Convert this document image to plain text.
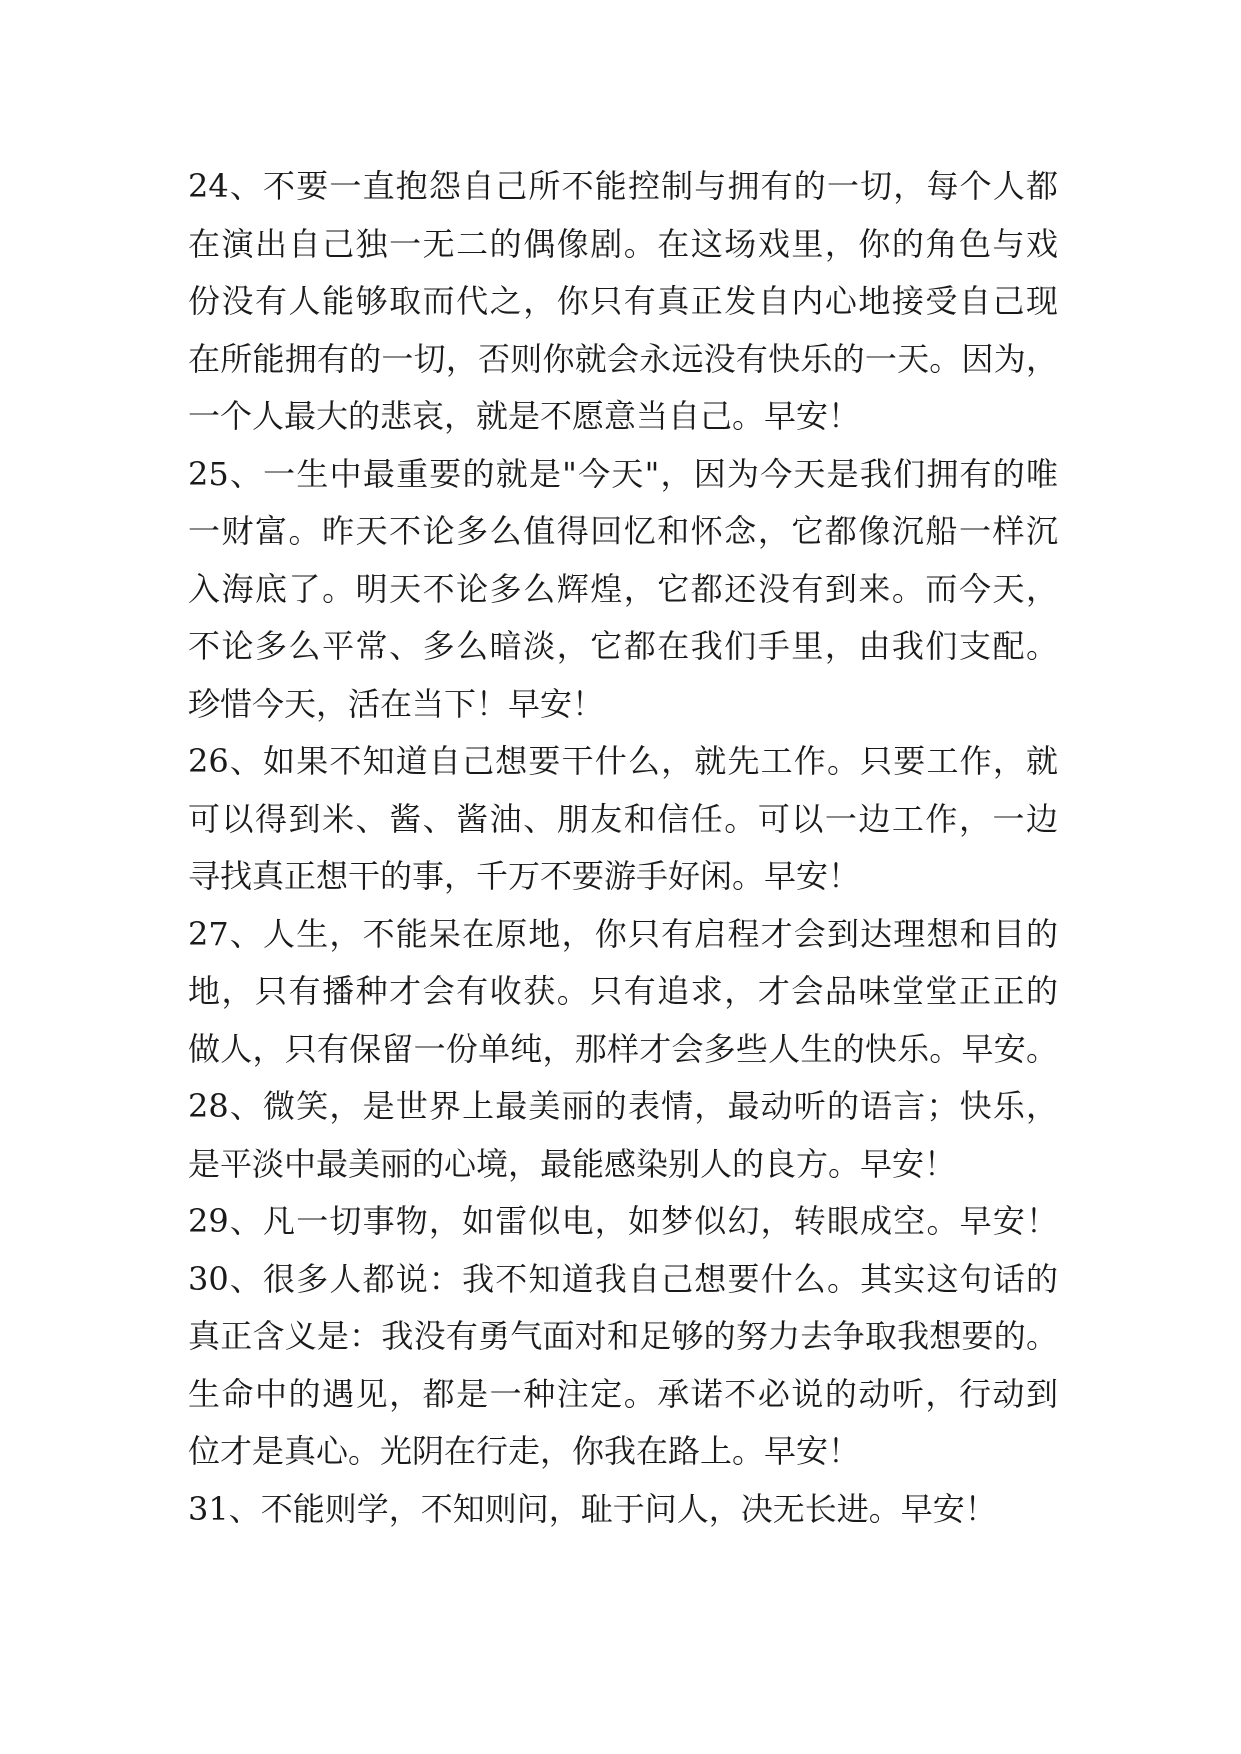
24、不要一直抱怨自己所不能控制与拥有的一切，每个人都
在演出自己独一无二的偶像剧。在这场戏里，你的角色与戏
份没有人能够取而代之，你只有真正发自内心地接受自己现
在所能拥有的一切，否则你就会永远没有快乐的一天。因为，
一个人最大的悲哀，就是不愿意当自己。早安！
25、一生中最重要的就是"今天"，因为今天是我们拥有的唯
一财富。昨天不论多么值得回忆和怀念，它都像沉船一样沉
入海底了。明天不论多么辉煌，它都还没有到来。而今天，
不论多么平常、多么暗淡，它都在我们手里，由我们支配。
珍惜今天，活在当下！早安！
26、如果不知道自己想要干什么，就先工作。只要工作，就
可以得到米、酱、酱油、朋友和信任。可以一边工作，一边
寻找真正想干的事，千万不要游手好闲。早安！
27、人生，不能呆在原地，你只有启程才会到达理想和目的
地，只有播种才会有收获。只有追求，才会品味堂堂正正的
做人，只有保留一份单纯，那样才会多些人生的快乐。早安。
28、微笑，是世界上最美丽的表情，最动听的语言；快乐，
是平淡中最美丽的心境，最能感染别人的良方。早安！
29、凡一切事物，如雷似电，如梦似幻，转眼成空。早安！
30、很多人都说：我不知道我自己想要什么。其实这句话的
真正含义是：我没有勇气面对和足够的努力去争取我想要的。
生命中的遇见，都是一种注定。承诺不必说的动听，行动到
位才是真心。光阴在行走，你我在路上。早安！
31、不能则学，不知则问，耻于问人，决无长进。早安！
